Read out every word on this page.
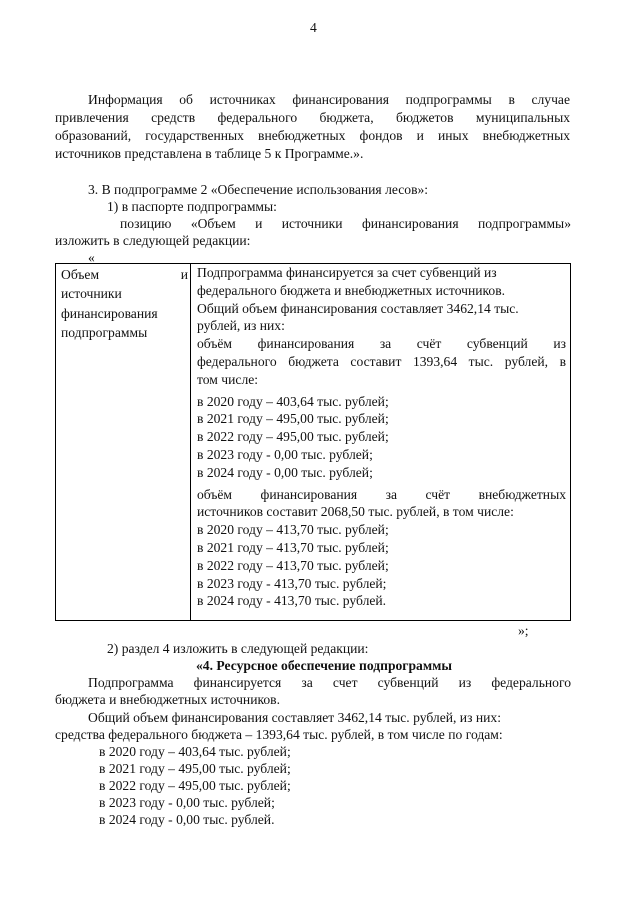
4
Информация об источниках финансирования подпрограммы в случае
привлечения средств федерального бюджета, бюджетов муниципальных
образований, государственных внебюджетных фондов и иных внебюджетных
источников представлена в таблице 5 к Программе.».
3. В подпрограмме 2 «Обеспечение использования лесов»:
1) в паспорте подпрограммы:
позицию «Объем и источники финансирования подпрограммы»
изложить в следующей редакции:
«
Объем	и
источники
финансирования
подпрограммы
Подпрограмма финансируется за счет субвенций из
федерального бюджета и внебюджетных источников.
Общий объем финансирования составляет 3462,14 тыс.
рублей, из них:
объём финансирования за счёт субвенций из
федерального бюджета составит 1393,64 тыс. рублей, в
том числе:
в 2020 году – 403,64 тыс. рублей;
в 2021 году – 495,00 тыс. рублей;
в 2022 году – 495,00 тыс. рублей;
в 2023 году - 0,00 тыс. рублей;
в 2024 году - 0,00 тыс. рублей;
объём финансирования за счёт внебюджетных
источников составит 2068,50 тыс. рублей, в том числе:
в 2020 году – 413,70 тыс. рублей;
в 2021 году – 413,70 тыс. рублей;
в 2022 году – 413,70 тыс. рублей;
в 2023 году - 413,70 тыс. рублей;
в 2024 году - 413,70 тыс. рублей.
»;
2) раздел 4 изложить в следующей редакции:
«4. Ресурсное обеспечение подпрограммы
Подпрограмма финансируется за счет субвенций из федерального
бюджета и внебюджетных источников.
Общий объем финансирования составляет 3462,14 тыс. рублей, из них:
средства федерального бюджета – 1393,64 тыс. рублей, в том числе по годам:
в 2020 году – 403,64 тыс. рублей;
в 2021 году – 495,00 тыс. рублей;
в 2022 году – 495,00 тыс. рублей;
в 2023 году - 0,00 тыс. рублей;
в 2024 году - 0,00 тыс. рублей.
